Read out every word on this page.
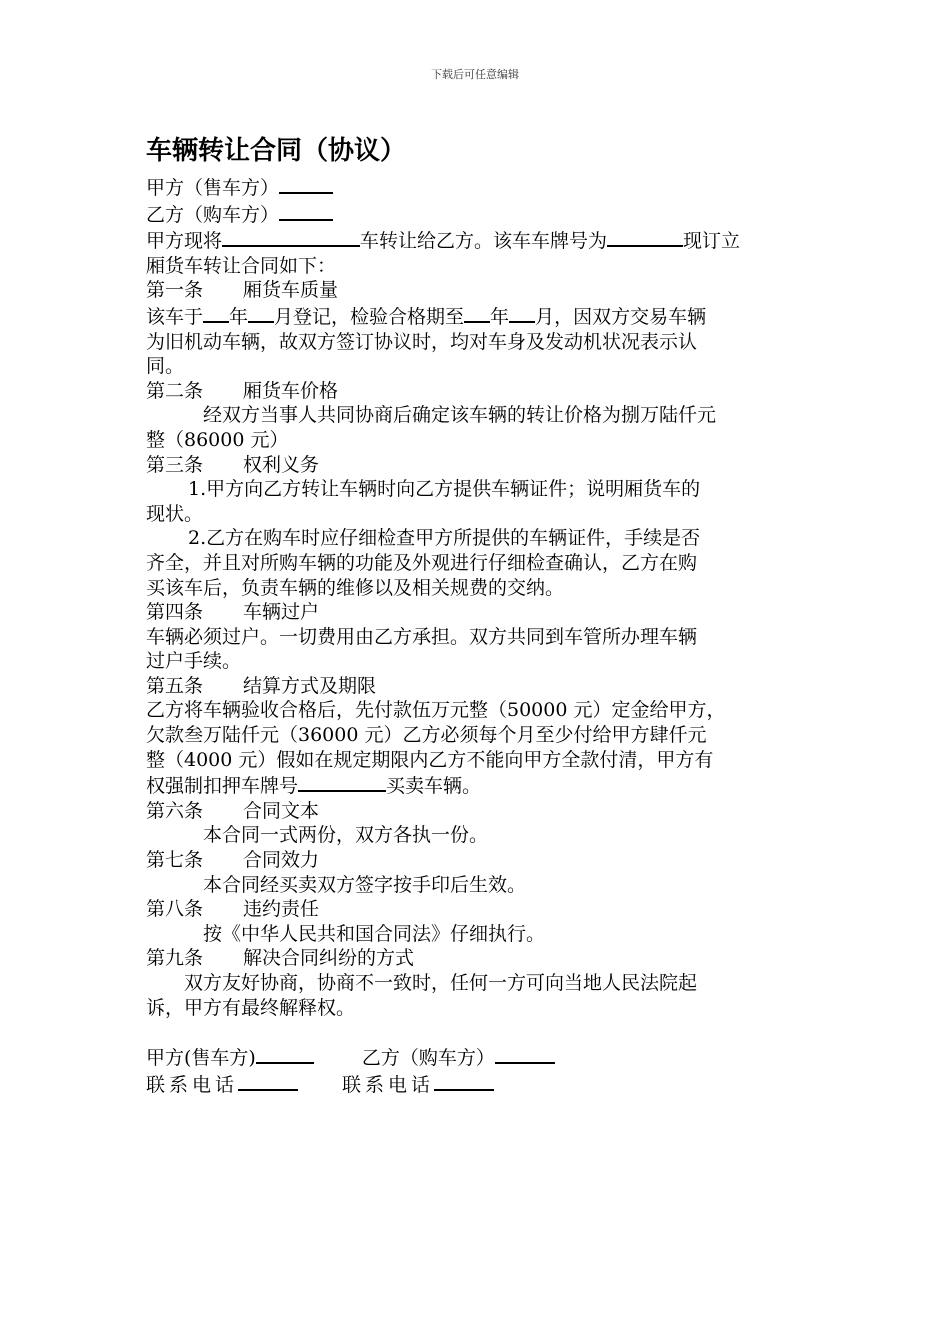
下载后可任意编辑
车辆转让合同（协议）
甲方（售车方）
乙方（购车方）
甲方现将	车转让给乙方。该车车牌号为	现订立
厢货车转让合同如下：
第一条 厢货车质量
该车于 年 月登记，检验合格期至 年 月，因双方交易车辆
为旧机动车辆，故双方签订协议时，均对车身及发动机状况表示认
同。
第二条 厢货车价格
经双方当事人共同协商后确定该车辆的转让价格为捌万陆仟元
整（86000 元）
第三条 权利义务
1.甲方向乙方转让车辆时向乙方提供车辆证件；说明厢货车的
现状。
2.乙方在购车时应仔细检查甲方所提供的车辆证件，手续是否
齐全，并且对所购车辆的功能及外观进行仔细检查确认，乙方在购
买该车后，负责车辆的维修以及相关规费的交纳。
第四条 车辆过户
车辆必须过户。一切费用由乙方承担。双方共同到车管所办理车辆
过户手续。
第五条 结算方式及期限
乙方将车辆验收合格后，先付款伍万元整（50000 元）定金给甲方，
欠款叁万陆仟元（36000 元）乙方必须每个月至少付给甲方肆仟元
整（4000 元）假如在规定期限内乙方不能向甲方全款付清，甲方有
权强制扣押车牌号	买卖车辆。
第六条 合同文本
本合同一式两份，双方各执一份。
第七条 合同效力
本合同经买卖双方签字按手印后生效。
第八条 违约责任
按《中华人民共和国合同法》仔细执行。
第九条 解决合同纠纷的方式
双方友好协商，协商不一致时，任何一方可向当地人民法院起
诉，甲方有最终解释权。
甲方(售车方)	乙方（购车方）
联系电话	联系电话
